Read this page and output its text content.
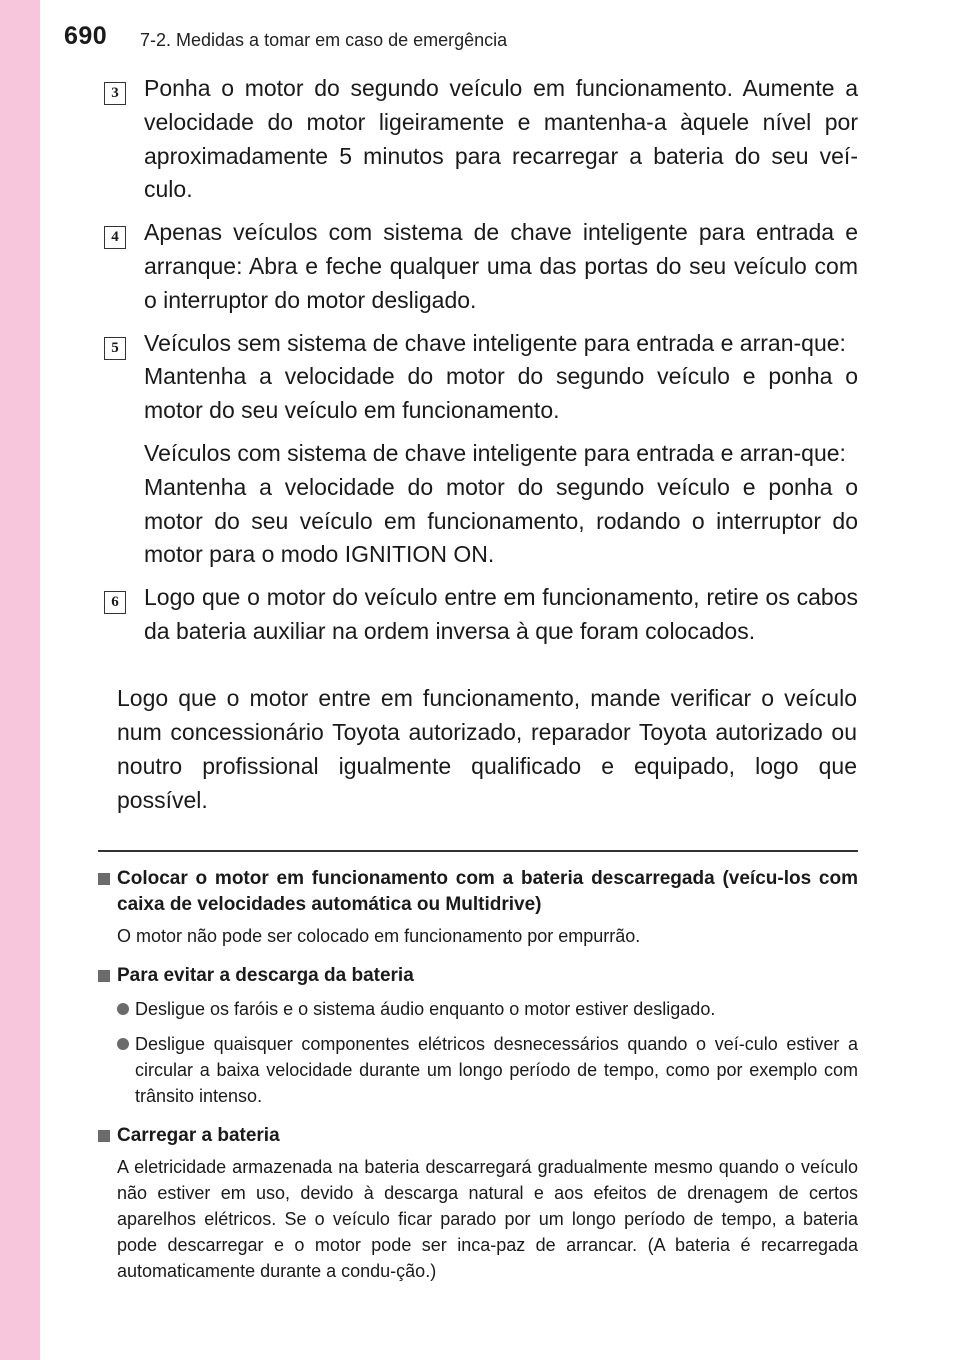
690 7-2. Medidas a tomar em caso de emergência
3	Ponha o motor do segundo veículo em funcionamento. Aumente a velocidade do motor ligeiramente e mantenha-a àquele nível por aproximadamente 5 minutos para recarregar a bateria do seu veí-culo.

4	Apenas veículos com sistema de chave inteligente para entrada e arranque: Abra e feche qualquer uma das portas do seu veículo com o interruptor do motor desligado.

5	Veículos sem sistema de chave inteligente para entrada e arran-que:

Mantenha a velocidade do motor do segundo veículo e ponha o motor do seu veículo em funcionamento.

Veículos com sistema de chave inteligente para entrada e arran-que:

Mantenha a velocidade do motor do segundo veículo e ponha o motor do seu veículo em funcionamento, rodando o interruptor do motor para o modo IGNITION ON.

6	Logo que o motor do veículo entre em funcionamento, retire os cabos da bateria auxiliar na ordem inversa à que foram colocados.

Logo que o motor entre em funcionamento, mande verificar o veículo num concessionário Toyota autorizado, reparador Toyota autorizado ou noutro profissional igualmente qualificado e equipado, logo que possível.

Colocar o motor em funcionamento com a bateria descarregada (veícu-los com caixa de velocidades automática ou Multidrive)

O motor não pode ser colocado em funcionamento por empurrão.

Para evitar a descarga da bateria

Desligue os faróis e o sistema áudio enquanto o motor estiver desligado.

Desligue quaisquer componentes elétricos desnecessários quando o veí-culo estiver a circular a baixa velocidade durante um longo período de tempo, como por exemplo com trânsito intenso.

Carregar a bateria

A eletricidade armazenada na bateria descarregará gradualmente mesmo quando o veículo não estiver em uso, devido à descarga natural e aos efeitos de drenagem de certos aparelhos elétricos. Se o veículo ficar parado por um longo período de tempo, a bateria pode descarregar e o motor pode ser inca-paz de arrancar. (A bateria é recarregada automaticamente durante a condu-ção.)
